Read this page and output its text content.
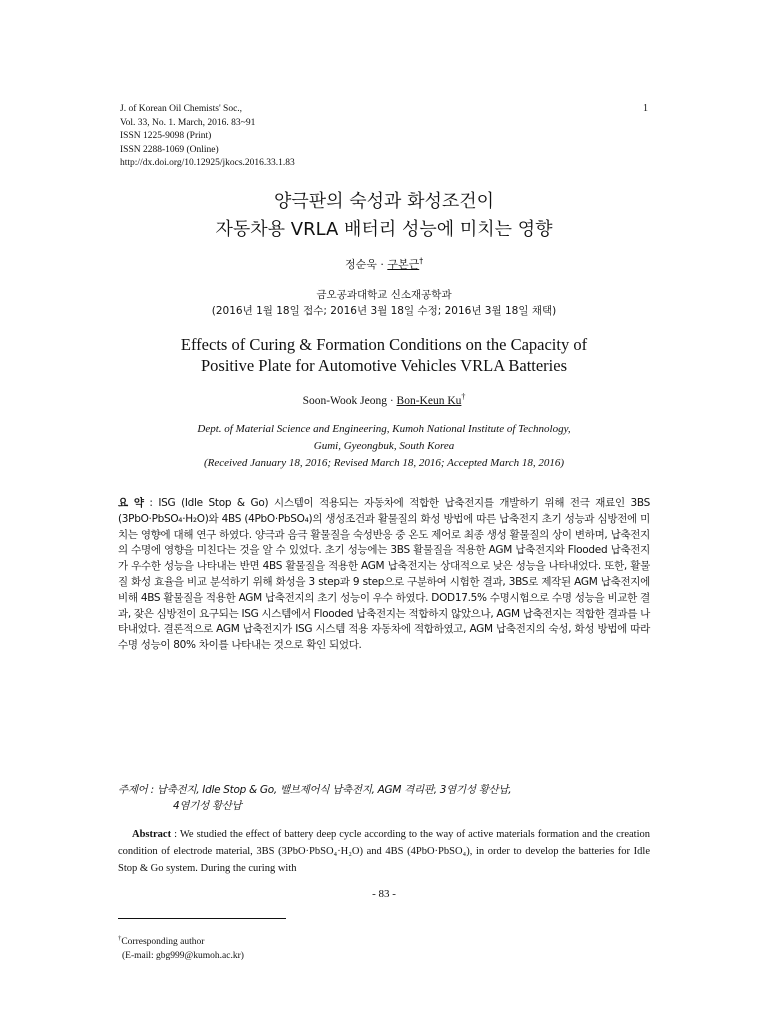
J. of Korean Oil Chemists' Soc.,
Vol. 33, No. 1. March, 2016. 83~91
ISSN 1225-9098 (Print)
ISSN 2288-1069 (Online)
http://dx.doi.org/10.12925/jkocs.2016.33.1.83
1
양극판의 숙성과 화성조건이
자동차용 VRLA 배터리 성능에 미치는 영향
정순욱 · 구본근†
금오공과대학교 신소재공학과
(2016년 1월 18일 접수; 2016년 3월 18일 수정; 2016년 3월 18일 채택)
Effects of Curing & Formation Conditions on the Capacity of
Positive Plate for Automotive Vehicles VRLA Batteries
Soon-Wook Jeong · Bon-Keun Ku†
Dept. of Material Science and Engineering, Kumoh National Institute of Technology,
Gumi, Gyeongbuk, South Korea
(Received January 18, 2016; Revised March 18, 2016; Accepted March 18, 2016)
요 약 : ISG (Idle Stop & Go) 시스템이 적용되는 자동차에 적합한 납축전지를 개발하기 위해 전극 재료인 3BS (3PbO·PbSO₄·H₂O)와 4BS (4PbO·PbSO₄)의 생성조건과 활물질의 화성 방법에 따른 납축전지 초기 성능과 심방전에 미치는 영향에 대해 연구 하였다. 양극과 음극 활물질을 숙성반응 중 온도 제어로 최종 생성 활물질의 상이 변하며, 납축전지의 수명에 영향을 미친다는 것을 알 수 있었다. 초기 성능에는 3BS 활물질을 적용한 AGM 납축전지와 Flooded 납축전지가 우수한 성능을 나타내는 반면 4BS 활물질을 적용한 AGM 납축전지는 상대적으로 낮은 성능을 나타내었다. 또한, 활물질 화성 효율을 비교 분석하기 위해 화성을 3 step과 9 step으로 구분하여 시험한 결과, 3BS로 제작된 AGM 납축전지에 비해 4BS 활물질을 적용한 AGM 납축전지의 초기 성능이 우수 하였다. DOD17.5% 수명시험으로 수명 성능을 비교한 결과, 잦은 심방전이 요구되는 ISG 시스템에서 Flooded 납축전지는 적합하지 않았으나, AGM 납축전지는 적합한 결과를 나타내었다. 결론적으로 AGM 납축전지가 ISG 시스템 적용 자동차에 적합하였고, AGM 납축전지의 숙성, 화성 방법에 따라 수명 성능이 80% 차이를 나타내는 것으로 확인 되었다.
주제어 : 납축전지, Idle Stop & Go, 밸브제어식 납축전지, AGM 격리판, 3염기성 황산납,
4염기성 황산납
Abstract : We studied the effect of battery deep cycle according to the way of active materials formation and the creation condition of electrode material, 3BS (3PbO·PbSO₄·H₂O) and 4BS (4PbO·PbSO₄), in order to develop the batteries for Idle Stop & Go system. During the curing with
†Corresponding author
(E-mail: gbg999@kumoh.ac.kr)
- 83 -
